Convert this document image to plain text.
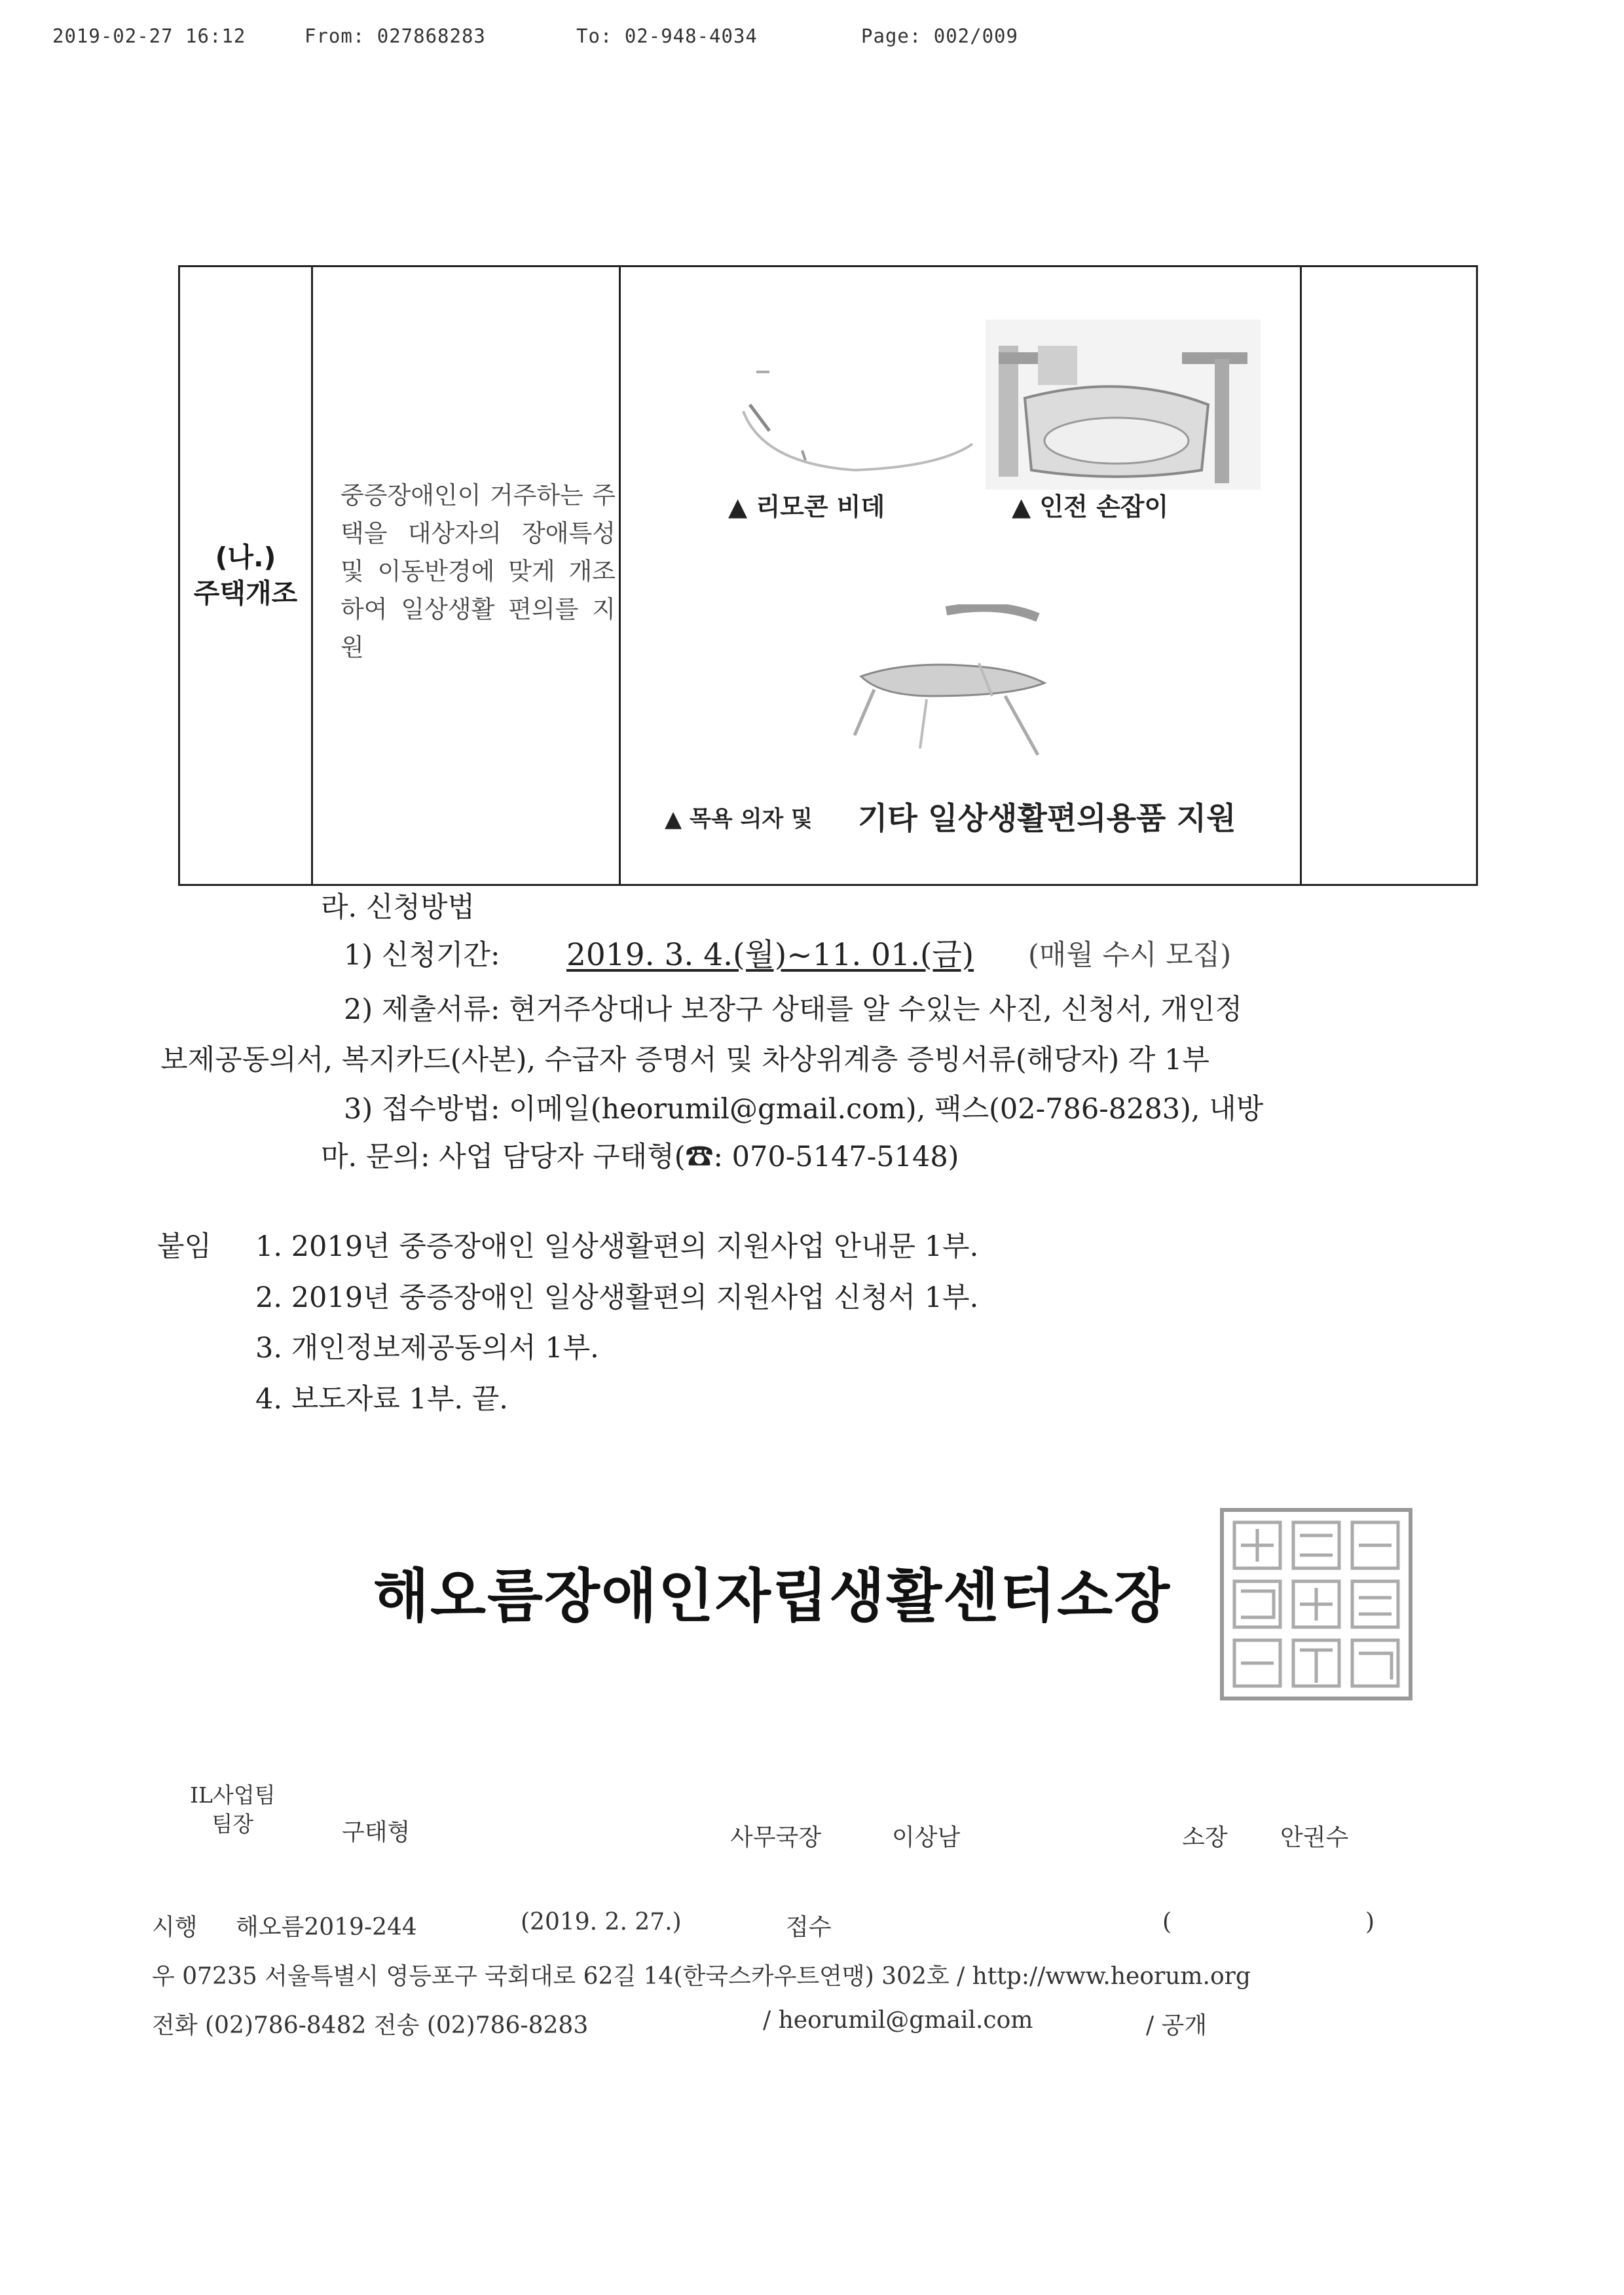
2019-02-27 16:12	From: 027868283	To: 02-948-4034	Page: 002/009
(나.)
주택개조
중증장애인이 거주하는 주택을 대상자의 장애특성 및 이동반경에 맞게 개조하여 일상생활 편의를 지원
▲ 리모콘 비데	▲ 인전 손잡이
▲ 목욕 의자 및 기타 일상생활편의용품 지원
라. 신청방법
1) 신청기간: 2019. 3. 4.(월)~11. 01.(금) (매월 수시 모집)
2) 제출서류: 현거주상대나 보장구 상태를 알 수있는 사진, 신청서, 개인정
보제공동의서, 복지카드(사본), 수급자 증명서 및 차상위계층 증빙서류(해당자) 각 1부
3) 접수방법: 이메일(heorumil@gmail.com), 팩스(02-786-8283), 내방
마. 문의: 사업 담당자 구태형(☎: 070-5147-5148)
붙임 1. 2019년 중증장애인 일상생활편의 지원사업 안내문 1부.
2. 2019년 중증장애인 일상생활편의 지원사업 신청서 1부.
3. 개인정보제공동의서 1부.
4. 보도자료 1부. 끝.
해오름장애인자립생활센터소장
IL사업팀
팀장	구태형	사무국장	이상남	소장 안권수
시행 해오름2019-244	(2019. 2. 27.)	접수	(	)
우 07235 서울특별시 영등포구 국회대로 62길 14(한국스카우트연맹) 302호 / http://www.heorum.org
전화 (02)786-8482 전송 (02)786-8283	/ heorumil@gmail.com	/ 공개
